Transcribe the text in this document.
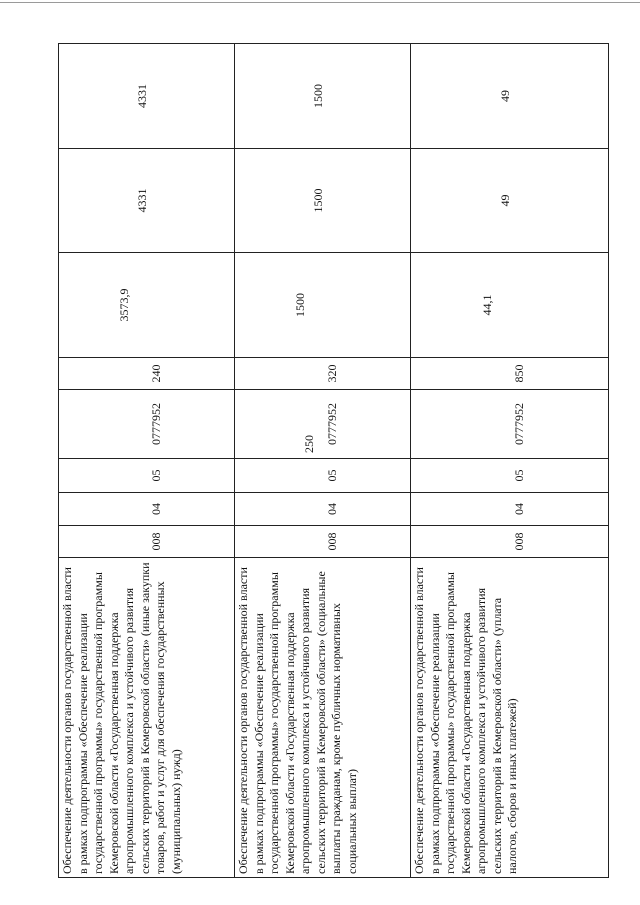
250
Обеспечение деятельности органов государственной власти в рамках подпрограммы «Обеспечение реализации государственной программы» государственной программы Кемеровской области «Государственная поддержка агропромышленного комплекса и устойчивого развития сельских территорий в Кемеровской области» (иные закупки товаров, работ и услуг для обеспечения государственных (муниципальных) нужд)	008	04	05	0777952	240	3573,9	4331	4331
Обеспечение деятельности органов государственной власти в рамках подпрограммы «Обеспечение реализации государственной программы» государственной программы Кемеровской области «Государственная поддержка агропромышленного комплекса и устойчивого развития сельских территорий в Кемеровской области» (социальные выплаты гражданам, кроме публичных нормативных социальных выплат)	008	04	05	0777952	320	1500	1500	1500
Обеспечение деятельности органов государственной власти в рамках подпрограммы «Обеспечение реализации государственной программы» государственной программы Кемеровской области «Государственная поддержка агропромышленного комплекса и устойчивого развития сельских территорий в Кемеровской области» (уплата налогов, сборов и иных платежей)	008	04	05	0777952	850	44,1	49	49
